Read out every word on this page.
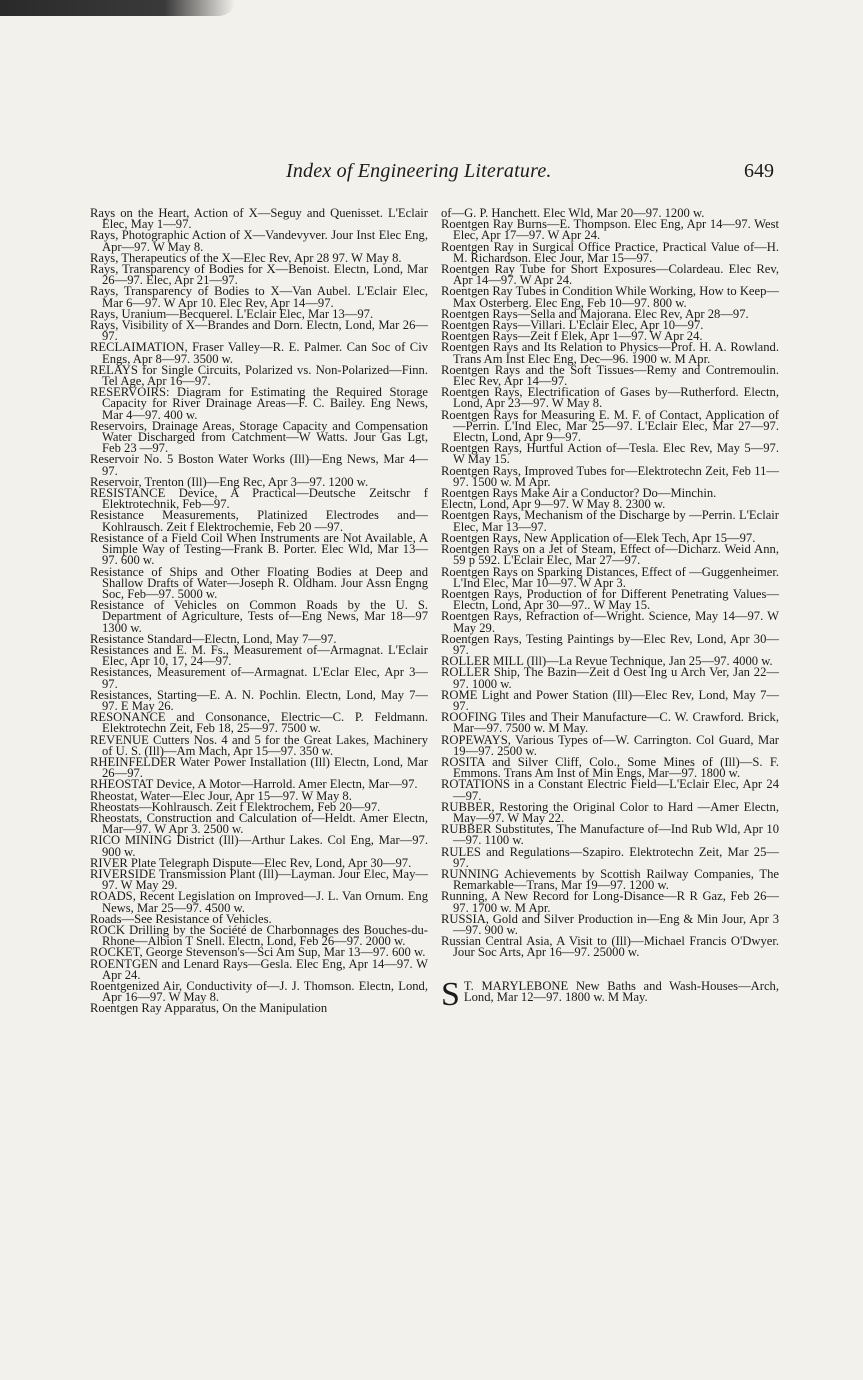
Index of Engineering Literature.	649

Rays on the Heart, Action of X—Seguy and Quenisset. L'Eclair Elec, May 1—97.

Rays, Photographic Action of X—Vandevyver. Jour Inst Elec Eng, Apr—97. W May 8.

Rays, Therapeutics of the X—Elec Rev, Apr 28 97. W May 8.

Rays, Transparency of Bodies for X—Benoist. Electn, Lond, Mar 26—97. Elec, Apr 21—97.

Rays, Transparency of Bodies to X—Van Aubel. L'Eclair Elec, Mar 6—97. W Apr 10. Elec Rev, Apr 14—97.

Rays, Uranium—Becquerel. L'Eclair Elec, Mar 13—97.

Rays, Visibility of X—Brandes and Dorn. Electn, Lond, Mar 26—97.

RECLAIMATION, Fraser Valley—R. E. Palmer. Can Soc of Civ Engs, Apr 8—97. 3500 w.

RELAYS for Single Circuits, Polarized vs. Non-Polarized—Finn. Tel Age, Apr 16—97.

RESERVOIRS: Diagram for Estimating the Required Storage Capacity for River Drainage Areas—F. C. Bailey. Eng News, Mar 4—97. 400 w.

Reservoirs, Drainage Areas, Storage Capacity and Compensation Water Discharged from Catchment—W Watts. Jour Gas Lgt, Feb 23 —97.

Reservoir No. 5 Boston Water Works (Ill)—Eng News, Mar 4—97.

Reservoir, Trenton (Ill)—Eng Rec, Apr 3—97. 1200 w.

RESISTANCE Device, A Practical—Deutsche Zeitschr f Elektrotechnik, Feb—97.

Resistance Measurements, Platinized Electrodes and—Kohlrausch. Zeit f Elektrochemie, Feb 20 —97.

Resistance of a Field Coil When Instruments are Not Available, A Simple Way of Testing—Frank B. Porter. Elec Wld, Mar 13—97. 600 w.

Resistance of Ships and Other Floating Bodies at Deep and Shallow Drafts of Water—Joseph R. Oldham. Jour Assn Engng Soc, Feb—97. 5000 w.

Resistance of Vehicles on Common Roads by the U. S. Department of Agriculture, Tests of—Eng News, Mar 18—97 1300 w.

Resistance Standard—Electn, Lond, May 7—97.

Resistances and E. M. Fs., Measurement of—Armagnat. L'Eclair Elec, Apr 10, 17, 24—97.

Resistances, Measurement of—Armagnat. L'Eclar Elec, Apr 3—97.

Resistances, Starting—E. A. N. Pochlin. Electn, Lond, May 7—97. E May 26.

RESONANCE and Consonance, Electric—C. P. Feldmann. Elektrotechn Zeit, Feb 18, 25—97. 7500 w.

REVENUE Cutters Nos. 4 and 5 for the Great Lakes, Machinery of U. S. (Ill)—Am Mach, Apr 15—97. 350 w.

RHEINFELDER Water Power Installation (Ill) Electn, Lond, Mar 26—97.

RHEOSTAT Device, A Motor—Harrold. Amer Electn, Mar—97.

Rheostat, Water—Elec Jour, Apr 15—97. W May 8.

Rheostats—Kohlrausch. Zeit f Elektrochem, Feb 20—97.

Rheostats, Construction and Calculation of—Heldt. Amer Electn, Mar—97. W Apr 3. 2500 w.

RICO MINING District (Ill)—Arthur Lakes. Col Eng, Mar—97. 900 w.

RIVER Plate Telegraph Dispute—Elec Rev, Lond, Apr 30—97.

RIVERSIDE Transmission Plant (Ill)—Layman. Jour Elec, May—97. W May 29.

ROADS, Recent Legislation on Improved—J. L. Van Ornum. Eng News, Mar 25—97. 4500 w.

Roads—See Resistance of Vehicles.

ROCK Drilling by the Société de Charbonnages des Bouches-du-Rhone—Albion T Snell. Electn, Lond, Feb 26—97. 2000 w.

ROCKET, George Stevenson's—Sci Am Sup, Mar 13—97. 600 w.

ROENTGEN and Lenard Rays—Gesla. Elec Eng, Apr 14—97. W Apr 24.

Roentgenized Air, Conductivity of—J. J. Thomson. Electn, Lond, Apr 16—97. W May 8.

Roentgen Ray Apparatus, On the Manipulation

of—G. P. Hanchett. Elec Wld, Mar 20—97. 1200 w.

Roentgen Ray Burns—E. Thompson. Elec Eng, Apr 14—97. West Elec, Apr 17—97. W Apr 24.

Roentgen Ray in Surgical Office Practice, Practical Value of—H. M. Richardson. Elec Jour, Mar 15—97.

Roentgen Ray Tube for Short Exposures—Colardeau. Elec Rev, Apr 14—97. W Apr 24.

Roentgen Ray Tubes in Condition While Working, How to Keep—Max Osterberg. Elec Eng, Feb 10—97. 800 w.

Roentgen Rays—Sella and Majorana. Elec Rev, Apr 28—97.

Roentgen Rays—Villari. L'Eclair Elec, Apr 10—97.

Roentgen Rays—Zeit f Elek, Apr 1—97. W Apr 24.

Roentgen Rays and Its Relation to Physics—Prof. H. A. Rowland. Trans Am Inst Elec Eng, Dec—96. 1900 w. M Apr.

Roentgen Rays and the Soft Tissues—Remy and Contremoulin. Elec Rev, Apr 14—97.

Roentgen Rays, Electrification of Gases by—Rutherford. Electn, Lond, Apr 23—97. W May 8.

Roentgen Rays for Measuring E. M. F. of Contact, Application of—Perrin. L'Ind Elec, Mar 25—97. L'Eclair Elec, Mar 27—97. Electn, Lond, Apr 9—97.

Roentgen Rays, Hurtful Action of—Tesla. Elec Rev, May 5—97. W May 15.

Roentgen Rays, Improved Tubes for—Elektrotechn Zeit, Feb 11—97. 1500 w. M Apr.

Roentgen Rays Make Air a Conductor? Do—Minchin.

Electn, Lond, Apr 9—97. W May 8. 2300 w.

Roentgen Rays, Mechanism of the Discharge by —Perrin. L'Eclair Elec, Mar 13—97.

Roentgen Rays, New Application of—Elek Tech, Apr 15—97.

Roentgen Rays on a Jet of Steam, Effect of—Dicharz. Weid Ann, 59 p 592. L'Eclair Elec, Mar 27—97.

Roentgen Rays on Sparking Distances, Effect of —Guggenheimer. L'Ind Elec, Mar 10—97. W Apr 3.

Roentgen Rays, Production of for Different Penetrating Values—Electn, Lond, Apr 30—97.. W May 15.

Roentgen Rays, Refraction of—Wright. Science, May 14—97. W May 29.

Roentgen Rays, Testing Paintings by—Elec Rev, Lond, Apr 30—97.

ROLLER MILL (Ill)—La Revue Technique, Jan 25—97. 4000 w.

ROLLER Ship, The Bazin—Zeit d Oest Ing u Arch Ver, Jan 22—97. 1000 w.

ROME Light and Power Station (Ill)—Elec Rev, Lond, May 7—97.

ROOFING Tiles and Their Manufacture—C. W. Crawford. Brick, Mar—97. 7500 w. M May.

ROPEWAYS, Various Types of—W. Carrington. Col Guard, Mar 19—97. 2500 w.

ROSITA and Silver Cliff, Colo., Some Mines of (Ill)—S. F. Emmons. Trans Am Inst of Min Engs, Mar—97. 1800 w.

ROTATIONS in a Constant Electric Field—L'Eclair Elec, Apr 24—97.

RUBBER, Restoring the Original Color to Hard —Amer Electn, May—97. W May 22.

RUBBER Substitutes, The Manufacture of—Ind Rub Wld, Apr 10—97. 1100 w.

RULES and Regulations—Szapiro. Elektrotechn Zeit, Mar 25—97.

RUNNING Achievements by Scottish Railway Companies, The Remarkable—Trans, Mar 19—97. 1200 w.

Running, A New Record for Long-Disance—R R Gaz, Feb 26—97. 1700 w. M Apr.

RUSSIA, Gold and Silver Production in—Eng & Min Jour, Apr 3—97. 900 w.

Russian Central Asia, A Visit to (Ill)—Michael Francis O'Dwyer. Jour Soc Arts, Apr 16—97. 25000 w.

S T. MARYLEBONE New Baths and Wash-Houses—Arch, Lond, Mar 12—97. 1800 w. M May.
